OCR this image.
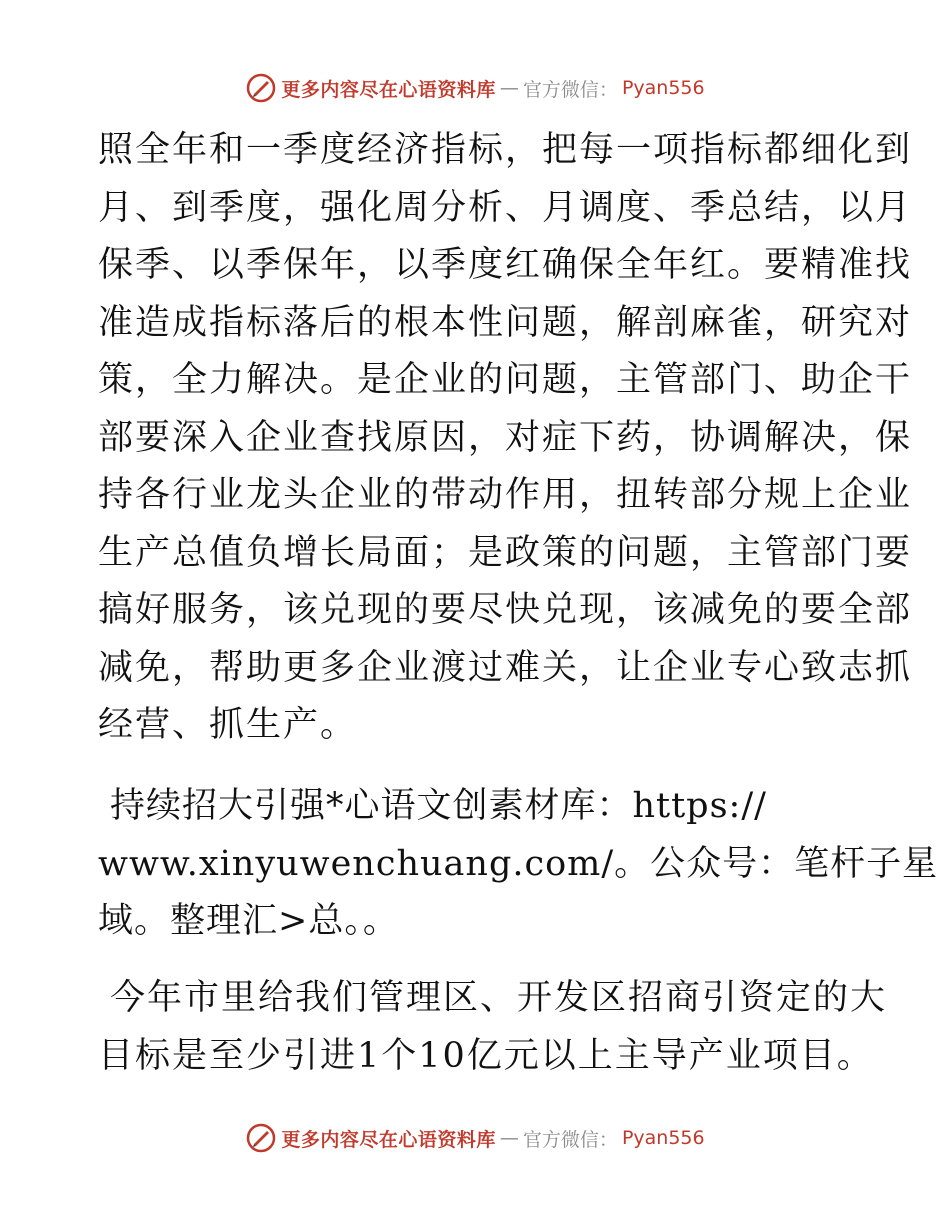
更多内容尽在心语资料库 — 官方微信： Pyan556
照全年和一季度经济指标，把每一项指标都细化到
月、到季度，强化周分析、月调度、季总结，以月
保季、以季保年，以季度红确保全年红。要精准找
准造成指标落后的根本性问题，解剖麻雀，研究对
策，全力解决。是企业的问题，主管部门、助企干
部要深入企业查找原因，对症下药，协调解决，保
持各行业龙头企业的带动作用，扭转部分规上企业
生产总值负增长局面；是政策的问题，主管部门要
搞好服务，该兑现的要尽快兑现，该减免的要全部
减免，帮助更多企业渡过难关，让企业专心致志抓
经营、抓生产。
持续招大引强*心语文创素材库：https://
www.xinyuwenchuang.com/。公众号：笔杆子星
域。整理汇>总。。
今年市里给我们管理区、开发区招商引资定的大
目标是至少引进1个10亿元以上主导产业项目。
更多内容尽在心语资料库 — 官方微信： Pyan556
